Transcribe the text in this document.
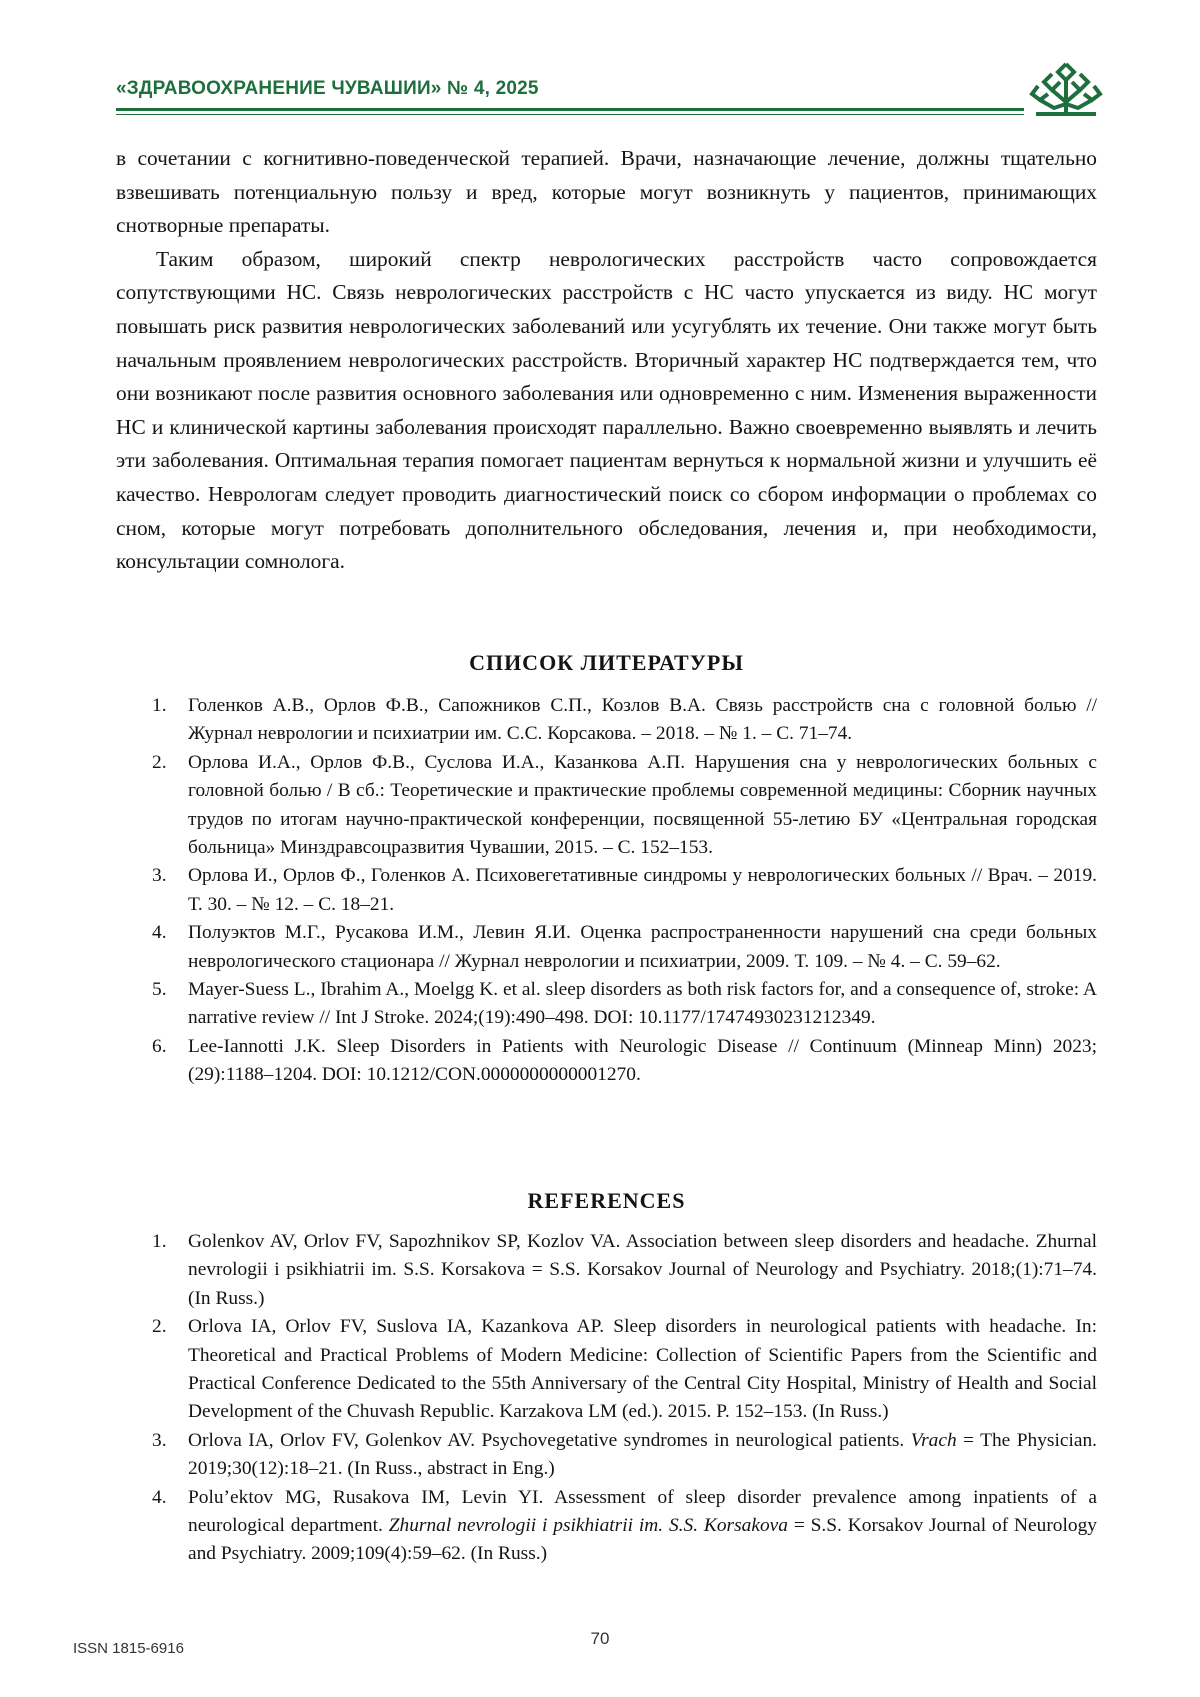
«ЗДРАВООХРАНЕНИЕ ЧУВАШИИ» № 4, 2025

в сочетании с когнитивно-поведенческой терапией. Врачи, назначающие лечение, должны тщательно взвешивать потенциальную пользу и вред, которые могут возникнуть у пациентов, принимающих снотворные препараты.

Таким образом, широкий спектр неврологических расстройств часто сопровождается сопутствующими НС. Связь неврологических расстройств с НС часто упускается из виду. НС могут повышать риск развития неврологических заболеваний или усугублять их течение. Они также могут быть начальным проявлением неврологических расстройств. Вторичный характер НС подтверждается тем, что они возникают после развития основного заболевания или одновременно с ним. Изменения выраженности НС и клинической картины заболевания происходят параллельно. Важно своевременно выявлять и лечить эти заболевания. Оптимальная терапия помогает пациентам вернуться к нормальной жизни и улучшить её качество. Неврологам следует проводить диагностический поиск со сбором информации о проблемах со сном, которые могут потребовать дополнительного обследования, лечения и, при необходимости, консультации сомнолога.

СПИСОК ЛИТЕРАТУРЫ
1. Голенков А.В., Орлов Ф.В., Сапожников С.П., Козлов В.А. Связь расстройств сна с головной болью // Журнал неврологии и психиатрии им. С.С. Корсакова. – 2018. – № 1. – С. 71–74.
2. Орлова И.А., Орлов Ф.В., Суслова И.А., Казанкова А.П. Нарушения сна у неврологических больных с головной болью / В сб.: Теоретические и практические проблемы современной медицины: Сборник научных трудов по итогам научно-практической конференции, посвященной 55-летию БУ «Центральная городская больница» Минздравсоцразвития Чувашии, 2015. – С. 152–153.
3. Орлова И., Орлов Ф., Голенков А. Психовегетативные синдромы у неврологических больных // Врач. – 2019. Т. 30. – № 12. – С. 18–21.
4. Полуэктов М.Г., Русакова И.М., Левин Я.И. Оценка распространенности нарушений сна среди больных неврологического стационара // Журнал неврологии и психиатрии, 2009. Т. 109. – № 4. – С. 59–62.
5. Mayer-Suess L., Ibrahim A., Moelgg K. et al. sleep disorders as both risk factors for, and a consequence of, stroke: A narrative review // Int J Stroke. 2024;(19):490–498. DOI: 10.1177/17474930231212349.
6. Lee-Iannotti J.K. Sleep Disorders in Patients with Neurologic Disease // Continuum (Minneap Minn) 2023;(29):1188–1204. DOI: 10.1212/CON.0000000000001270.
REFERENCES
1. Golenkov AV, Orlov FV, Sapozhnikov SP, Kozlov VA. Association between sleep disorders and headache. Zhurnal nevrologii i psikhiatrii im. S.S. Korsakova = S.S. Korsakov Journal of Neurology and Psychiatry. 2018;(1):71–74. (In Russ.)
2. Orlova IA, Orlov FV, Suslova IA, Kazankova AP. Sleep disorders in neurological patients with headache. In: Theoretical and Practical Problems of Modern Medicine: Collection of Scientific Papers from the Scientific and Practical Conference Dedicated to the 55th Anniversary of the Central City Hospital, Ministry of Health and Social Development of the Chuvash Republic. Karzakova LM (ed.). 2015. P. 152–153. (In Russ.)
3. Orlova IA, Orlov FV, Golenkov AV. Psychovegetative syndromes in neurological patients. Vrach = The Physician. 2019;30(12):18–21. (In Russ., abstract in Eng.)
4. Polu’ektov MG, Rusakova IM, Levin YI. Assessment of sleep disorder prevalence among inpatients of a neurological department. Zhurnal nevrologii i psikhiatrii im. S.S. Korsakova = S.S. Korsakov Journal of Neurology and Psychiatry. 2009;109(4):59–62. (In Russ.)
ISSN 1815-6916
70
